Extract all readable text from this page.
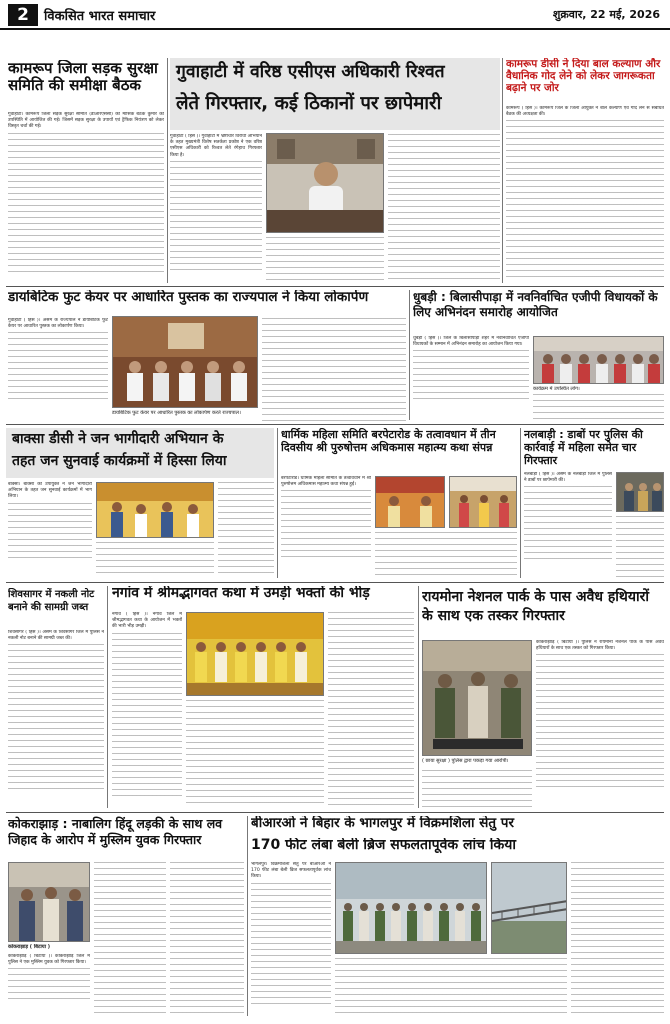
2	विकसित भारत समाचार	शुक्रवार, 22 मई, 2026
कामरूप जिला सड़क सुरक्षा समिति की समीक्षा बैठक
गुवाहाटी। कामरूप जिला सड़क सुरक्षा समिति (डीआरएससी) की मासिक बैठक कुमार की उपस्थिति में आयोजित की गई। जिसमें सड़क सुरक्षा के उपायों एवं ट्रैफिक नियंत्रण को लेकर विस्तृत चर्चा की गई।
गुवाहाटी में वरिष्ठ एसीएस अधिकारी रिश्वत
लेते गिरफ्तार, कई ठिकानों पर छापेमारी
गुवाहाटी ( हिंस )। गुवाहाटी में भ्रष्टाचार विरोधी अभियान के तहत मुख्यमंत्री विशेष सतर्कता प्रकोष्ठ ने एक वरिष्ठ एसीएस अधिकारी को रिश्वत लेते रंगेहाथ गिरफ्तार किया है।
कामरूप डीसी ने दिया बाल कल्याण और वैधानिक गोद लेने को लेकर जागरूकता बढ़ाने पर जोर
कामरूप ( हिंस )। कामरूप जिले के जिला आयुक्त ने बाल कल्याण एवं गोद लेने से संबंधित बैठक की अध्यक्षता की।
डायबिटिक फुट केयर पर आधारित पुस्तक का राज्यपाल ने किया लोकार्पण
गुवाहाटी ( हिंस )। असम के राज्यपाल ने डायबिटिक फुट केयर पर आधारित पुस्तक का लोकार्पण किया।
डायबिटिक फुट केयर पर आधारित पुस्तक का लोकार्पण करते राज्यपाल।
धुबड़ी : बिलासीपाड़ा में नवनिर्वाचित एजीपी विधायकों के लिए अभिनंदन समारोह आयोजित
धुबड़ी ( हिंस )। जिले के बिलासीपाड़ा शहर में नवनिर्वाचित एजीपी विधायकों के सम्मान में अभिनंदन समारोह का आयोजन किया गया।
कार्यक्रम में उपस्थित लोग।
बाक्सा डीसी ने जन भागीदारी अभियान के
तहत जन सुनवाई कार्यक्रमों में हिस्सा लिया
बाक्सा। बाक्सा की उपायुक्त ने जन भागीदारी अभियान के तहत जन सुनवाई कार्यक्रमों में भाग लिया।
धार्मिक महिला समिति बरपेटारोड के तत्वावधान में तीन दिवसीय श्री पुरुषोत्तम अधिकमास महात्म्य कथा संपन्न
बरपेटारोड। धार्मिक महिला समिति के तत्वावधान में श्री पुरुषोत्तम अधिकमास महात्म्य कथा संपन्न हुई।
नलबाड़ी : डाबों पर पुलिस की कार्रवाई में महिला समेत चार गिरफ्तार
नलबाड़ी ( हिंस )। असम के नलबाड़ी जिले में पुलिस ने डाबों पर छापेमारी की।
शिवसागर में नकली नोट बनाने की सामग्री जब्त
शिवसागर ( हिंस )। असम के शिवसागर जिले में पुलिस ने नकली नोट बनाने की सामग्री जब्त की।
नगांव में श्रीमद्भागवत कथा में उमड़ी भक्तों की भीड़
नगांव ( हिंस )। नगांव जिले में श्रीमद्भागवत कथा के आयोजन में भक्तों की भारी भीड़ उमड़ी।
रायमोना नेशनल पार्क के पास अवैध हथियारों के साथ एक तस्कर गिरफ्तार
( छाया सुरक्षा ) पुलिस द्वारा पकड़ा गया आरोपी।
कोकराझाड़ ( बिटाया )। पुलिस ने रायमोना नेशनल पार्क के पास अवैध हथियारों के साथ एक तस्कर को गिरफ्तार किया।
कोकराझाड़ : नाबालिग हिंदू लड़की के साथ लव जिहाद के आरोप में मुस्लिम युवक गिरफ्तार
कोकराझाड़ ( बिटाया )
कोकराझाड़ ( बिटाया )। कोकराझाड़ जिले में पुलिस ने एक मुस्लिम युवक को गिरफ्तार किया।
बीआरओ ने बिहार के भागलपुर में विक्रमशिला सेतु पर
170 फीट लंबा बेली ब्रिज सफलतापूर्वक लांच किया
भागलपुर। विक्रमशिला सेतु पर बीआरओ ने 170 फीट लंबा बेली ब्रिज सफलतापूर्वक लांच किया।
